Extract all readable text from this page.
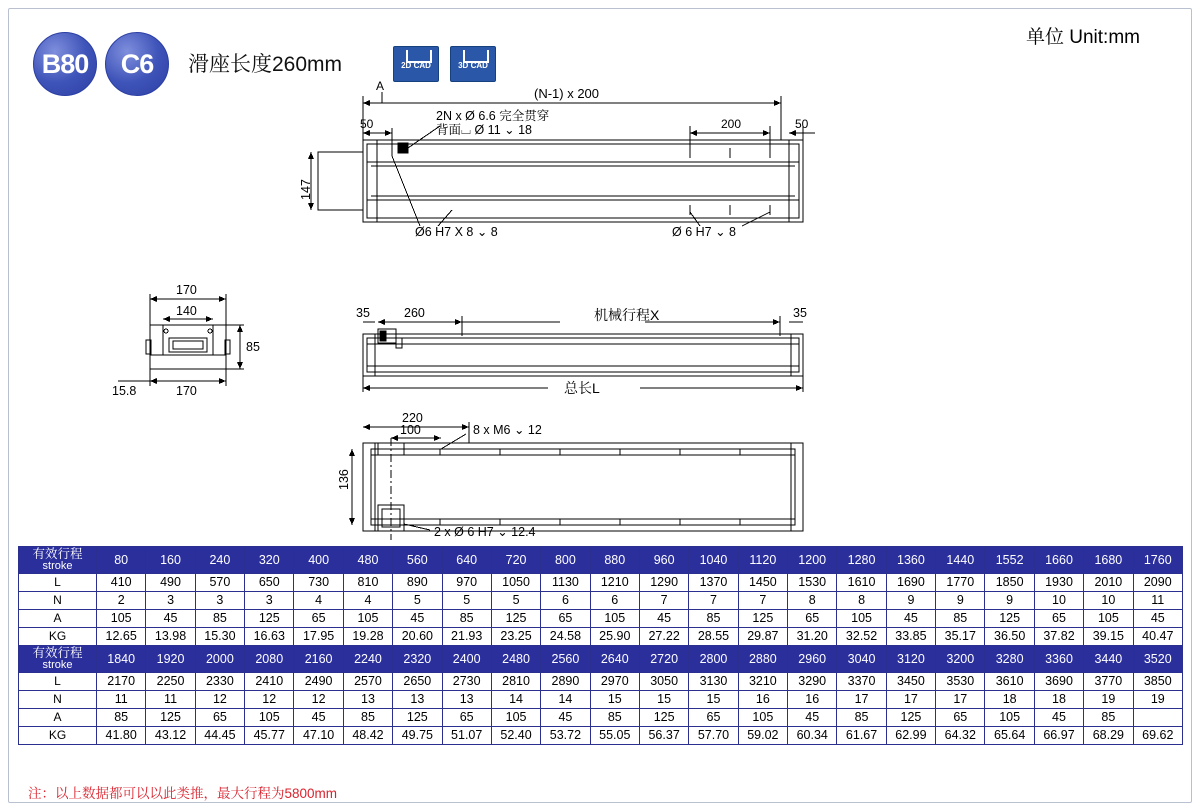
B80	C6	滑座长度260mm	2D CAD	3D CAD
单位 Unit:mm
A	(N-1) x 200
50	200	50
2N x Ø 6.6 完全贯穿
背面⌴ Ø 11 ⌄ 18
Ø6 H7 X 8 ⌄ 8	Ø 6 H7 ⌄ 8
147
170
140
85
170
15.8
35	260	机械行程X	35
总长L
220
100	8 x M6 ⌄ 12
136
2 x Ø 6 H7 ⌄ 12.4
有效行程
stroke	80	160	240	320	400	480	560	640	720	800	880	960	1040	1120	1200	1280	1360	1440	1552	1660	1680	1760
L	410	490	570	650	730	810	890	970	1050	1130	1210	1290	1370	1450	1530	1610	1690	1770	1850	1930	2010	2090
N	2	3	3	3	4	4	5	5	5	6	6	7	7	7	8	8	9	9	9	10	10	11
A	105	45	85	125	65	105	45	85	125	65	105	45	85	125	65	105	45	85	125	65	105	45
KG	12.65	13.98	15.30	16.63	17.95	19.28	20.60	21.93	23.25	24.58	25.90	27.22	28.55	29.87	31.20	32.52	33.85	35.17	36.50	37.82	39.15	40.47

有效行程
stroke	1840	1920	2000	2080	2160	2240	2320	2400	2480	2560	2640	2720	2800	2880	2960	3040	3120	3200	3280	3360	3440	3520
L	2170	2250	2330	2410	2490	2570	2650	2730	2810	2890	2970	3050	3130	3210	3290	3370	3450	3530	3610	3690	3770	3850
N	11	11	12	12	12	13	13	13	14	14	15	15	15	16	16	17	17	17	18	18	19	19
A	85	125	65	105	45	85	125	65	105	45	85	125	65	105	45	85	125	65	105	45	85	
KG	41.80	43.12	44.45	45.77	47.10	48.42	49.75	51.07	52.40	53.72	55.05	56.37	57.70	59.02	60.34	61.67	62.99	64.32	65.64	66.97	68.29	69.62
注：以上数据都可以以此类推，最大行程为5800mm
